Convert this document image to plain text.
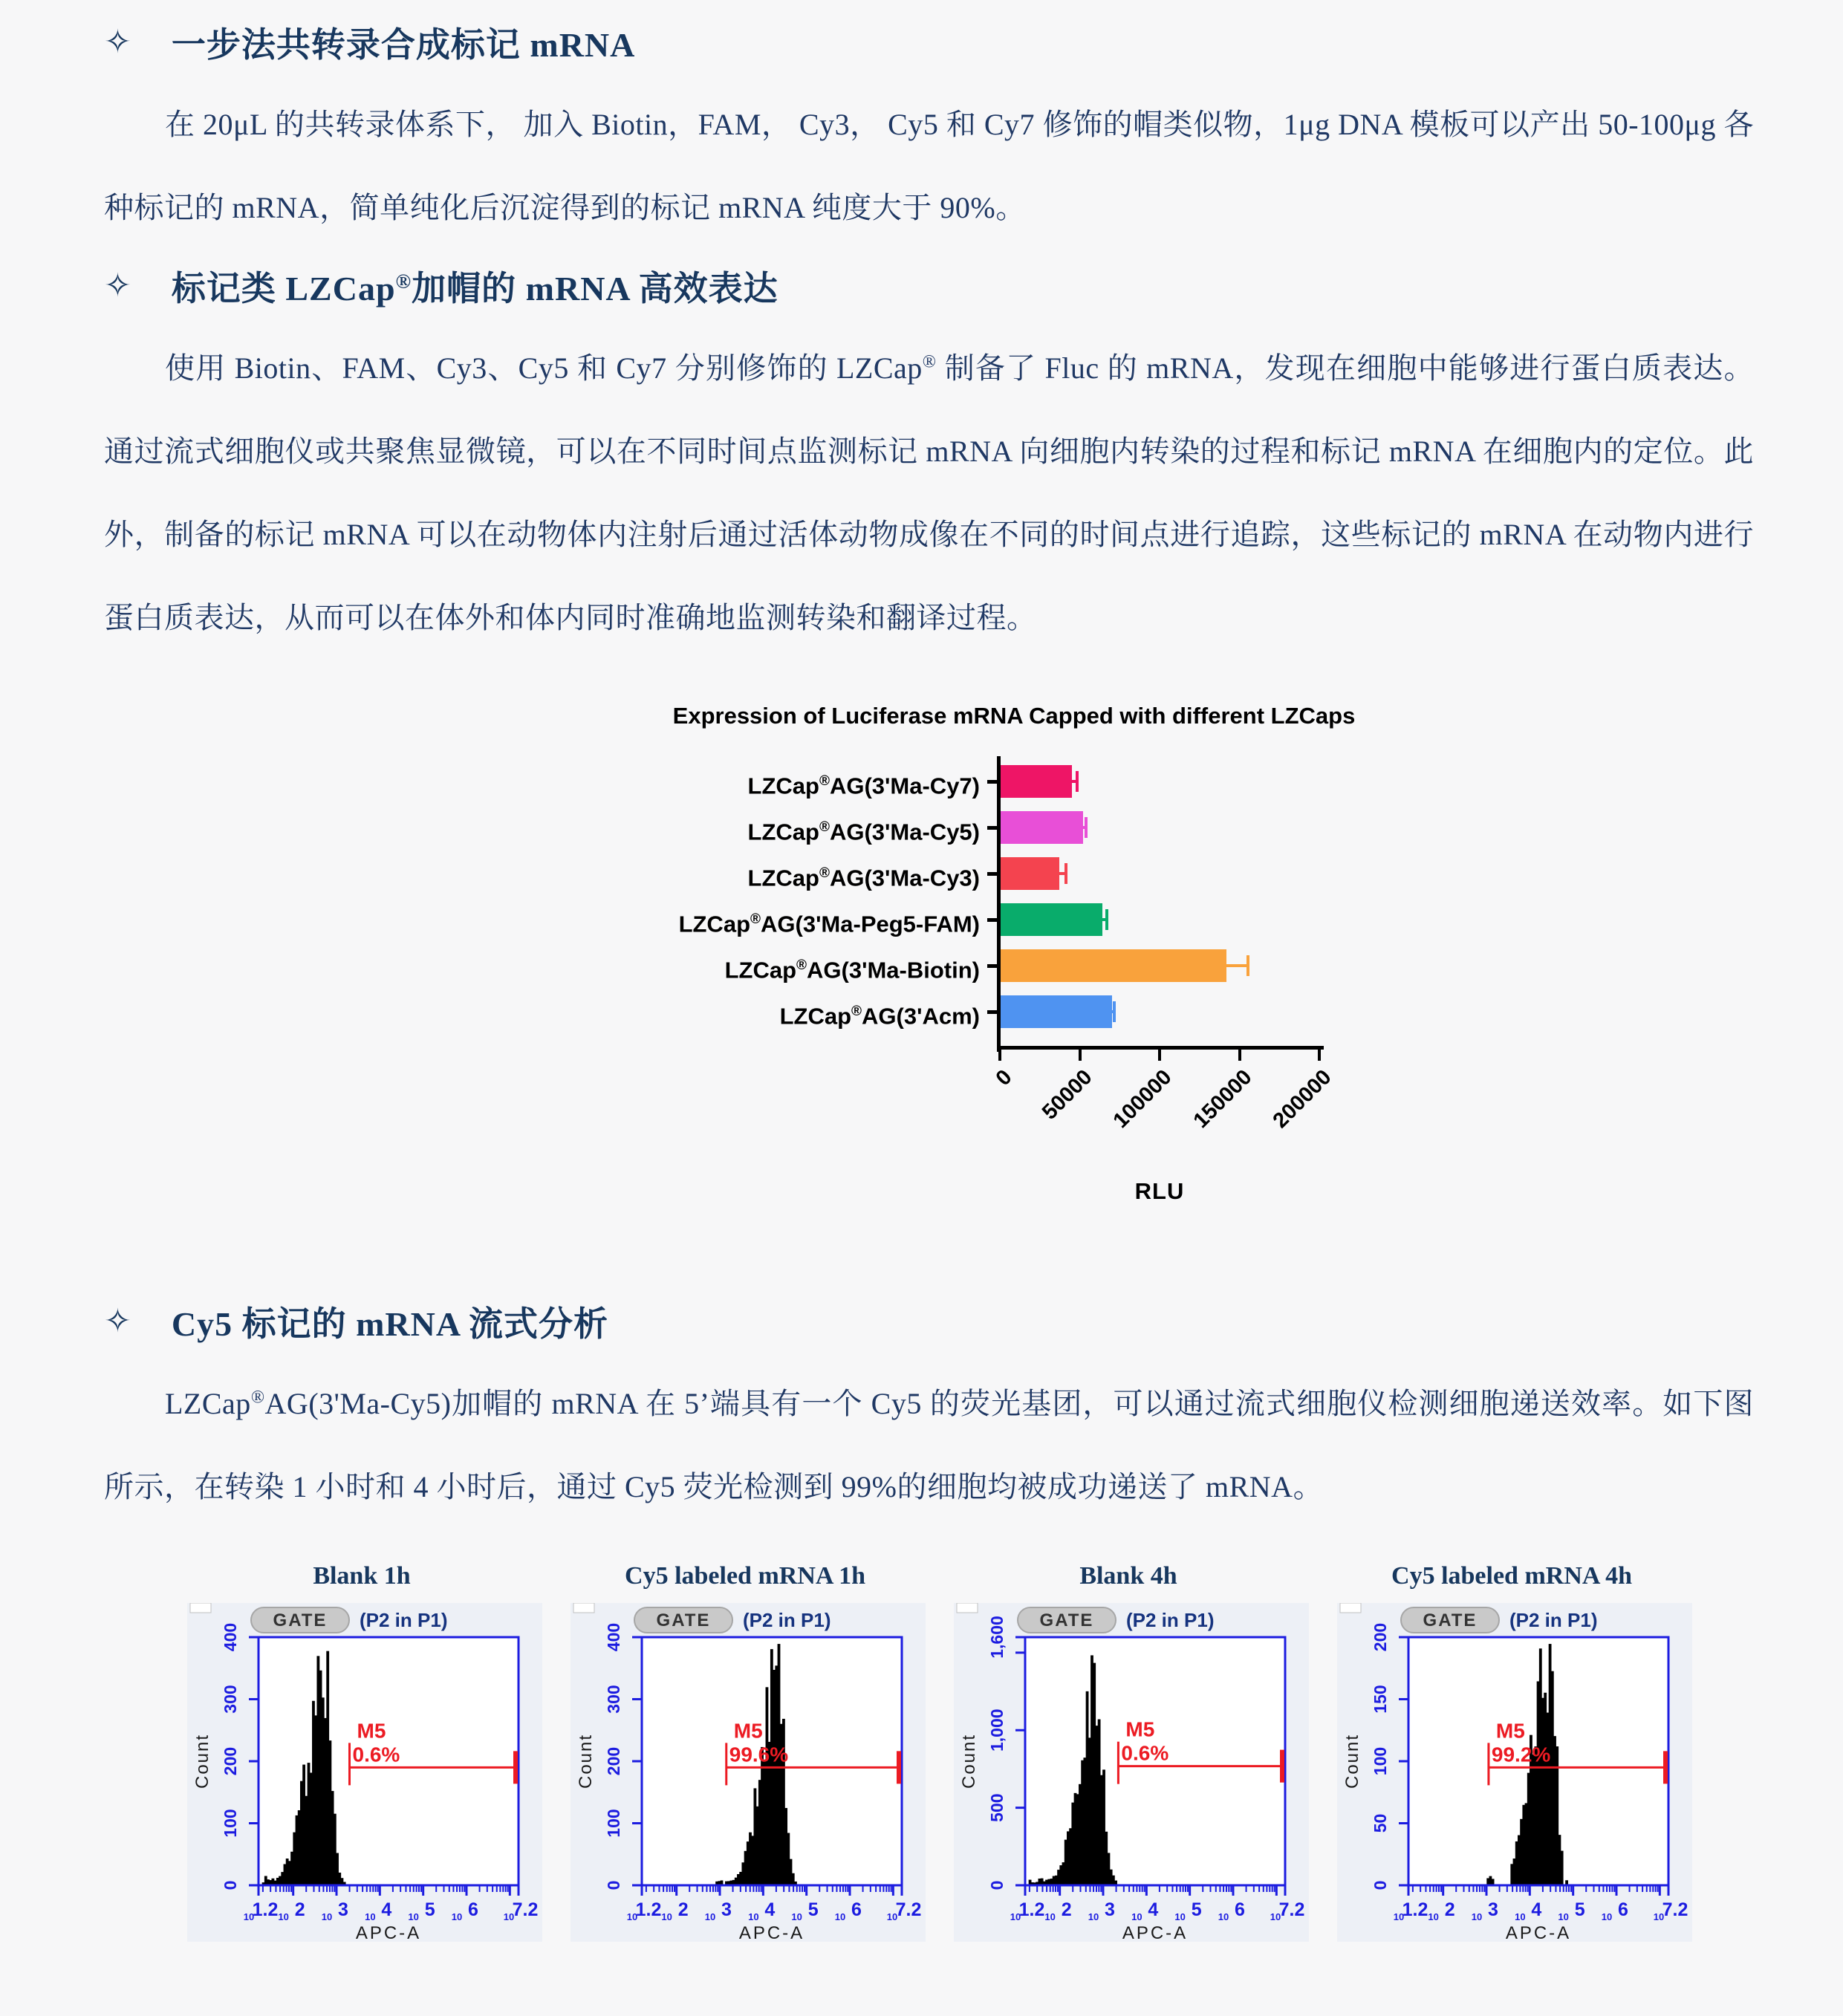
✧ 一步法共转录合成标记 mRNA

在 20μL 的共转录体系下， 加入 Biotin，FAM， Cy3， Cy5 和 Cy7 修饰的帽类似物，1μg DNA 模板可以产出 50-100μg 各种标记的 mRNA，简单纯化后沉淀得到的标记 mRNA 纯度大于 90%。

✧ 标记类 LZCap®加帽的 mRNA 高效表达

使用 Biotin、FAM、Cy3、Cy5 和 Cy7 分别修饰的 LZCap® 制备了 Fluc 的 mRNA，发现在细胞中能够进行蛋白质表达。通过流式细胞仪或共聚焦显微镜，可以在不同时间点监测标记 mRNA 向细胞内转染的过程和标记 mRNA 在细胞内的定位。此外，制备的标记 mRNA 可以在动物体内注射后通过活体动物成像在不同的时间点进行追踪，这些标记的 mRNA 在动物内进行蛋白质表达，从而可以在体外和体内同时准确地监测转染和翻译过程。

Expression of Luciferase mRNA Capped with different LZCaps
LZCap®AG(3'Ma-Cy7)
LZCap®AG(3'Ma-Cy5)
LZCap®AG(3'Ma-Cy3)
LZCap®AG(3'Ma-Peg5-FAM)
LZCap®AG(3'Ma-Biotin)
LZCap®AG(3'Acm)
0 50000 100000 150000 200000
RLU
✧ Cy5 标记的 mRNA 流式分析

LZCap®AG(3'Ma-Cy5)加帽的 mRNA 在 5’端具有一个 Cy5 的荧光基团，可以通过流式细胞仪检测细胞递送效率。如下图所示，在转染 1 小时和 4 小时后，通过 Cy5 荧光检测到 99%的细胞均被成功递送了 mRNA。

Blank 1h
GATE (P2 in P1)
0
100
200
300
400
Count
10
1.2 10 2 10 3 10 4 10 5 10 6	10
7.2
APC-A
M5
0.6%
Cy5 labeled mRNA 1h
GATE (P2 in P1)
0
100
200
300
400
Count
10
1.2 10 2 10 3 10 4 10 5 10 6	10
7.2
APC-A
M5
99.6%
Blank 4h
GATE (P2 in P1)
0
500
1,000
1,600
Count
10
1.2 10 2 10 3 10 4 10 5 10 6	10
7.2
APC-A
M5
0.6%
Cy5 labeled mRNA 4h
GATE (P2 in P1)
0
50
100
150
200
Count
10
1.2 10 2 10 3 10 4 10 5 10 6	10
7.2
APC-A
M5
99.2%
